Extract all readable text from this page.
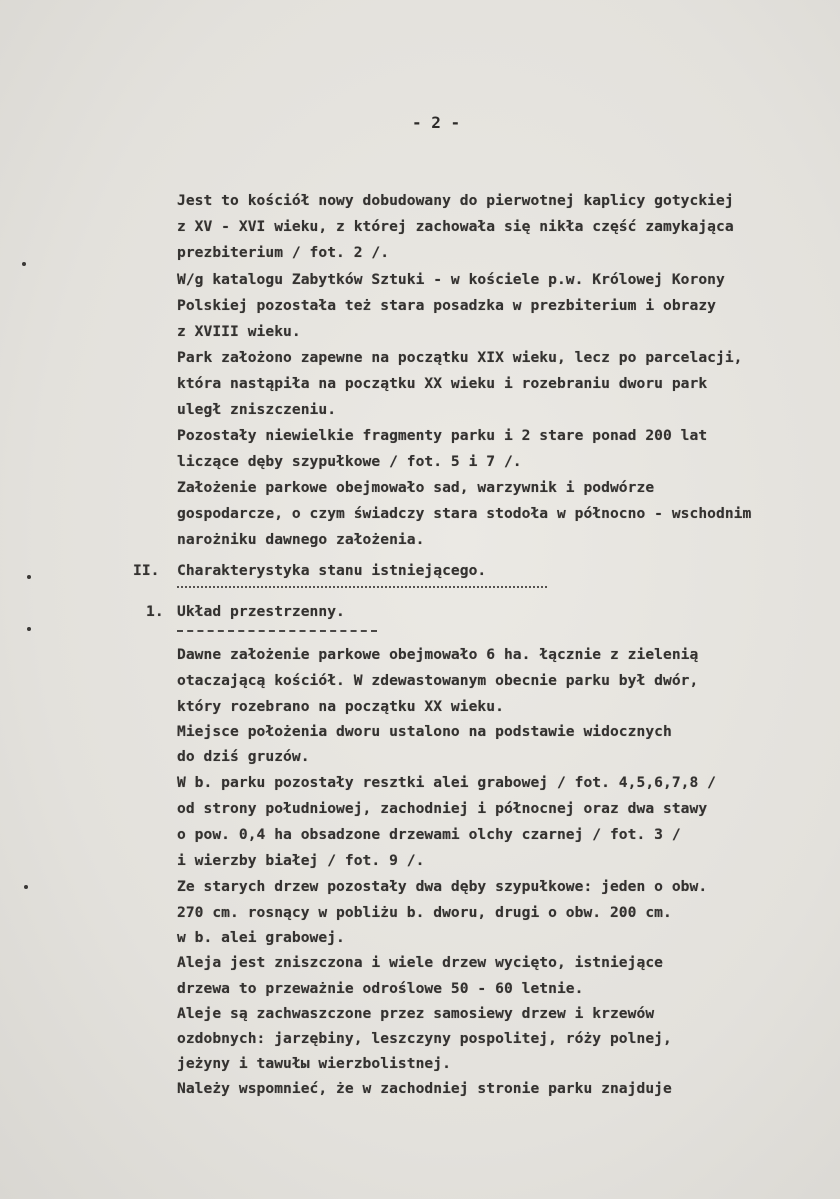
- 2 -
Jest to kościół nowy dobudowany do pierwotnej kaplicy gotyckiej
z XV - XVI wieku, z której zachowała się nikła część zamykająca
prezbiterium / fot. 2 /.
W/g katalogu Zabytków Sztuki - w kościele p.w. Królowej Korony
Polskiej pozostała też stara posadzka w prezbiterium i obrazy
z XVIII wieku.
Park założono zapewne na początku XIX wieku, lecz po parcelacji,
która nastąpiła na początku XX wieku i rozebraniu dworu park
uległ zniszczeniu.
Pozostały niewielkie fragmenty parku i 2 stare ponad 200 lat
liczące dęby szypułkowe / fot. 5 i 7 /.
Założenie parkowe obejmowało sad, warzywnik i podwórze
gospodarcze, o czym świadczy stara stodoła w północno - wschodnim
narożniku dawnego założenia.
II. Charakterystyka stanu istniejącego.
1. Układ przestrzenny.
Dawne założenie parkowe obejmowało 6 ha. łącznie z zielenią
otaczającą kościół. W zdewastowanym obecnie parku był dwór,
który rozebrano na początku XX wieku.
Miejsce położenia dworu ustalono na podstawie widocznych
do dziś gruzów.
W b. parku pozostały resztki alei grabowej / fot. 4,5,6,7,8 /
od strony południowej, zachodniej i północnej oraz dwa stawy
o pow. 0,4 ha obsadzone drzewami olchy czarnej / fot. 3 /
i wierzby białej / fot. 9 /.
Ze starych drzew pozostały dwa dęby szypułkowe: jeden o obw.
270 cm. rosnący w pobliżu b. dworu, drugi o obw. 200 cm.
w b. alei grabowej.
Aleja jest zniszczona i wiele drzew wycięto, istniejące
drzewa to przeważnie odroślowe 50 - 60 letnie.
Aleje są zachwaszczone przez samosiewy drzew i krzewów
ozdobnych: jarzębiny, leszczyny pospolitej, róży polnej,
jeżyny i tawułы wierzbolistnej.
Należy wspomnieć, że w zachodniej stronie parku znajduje
